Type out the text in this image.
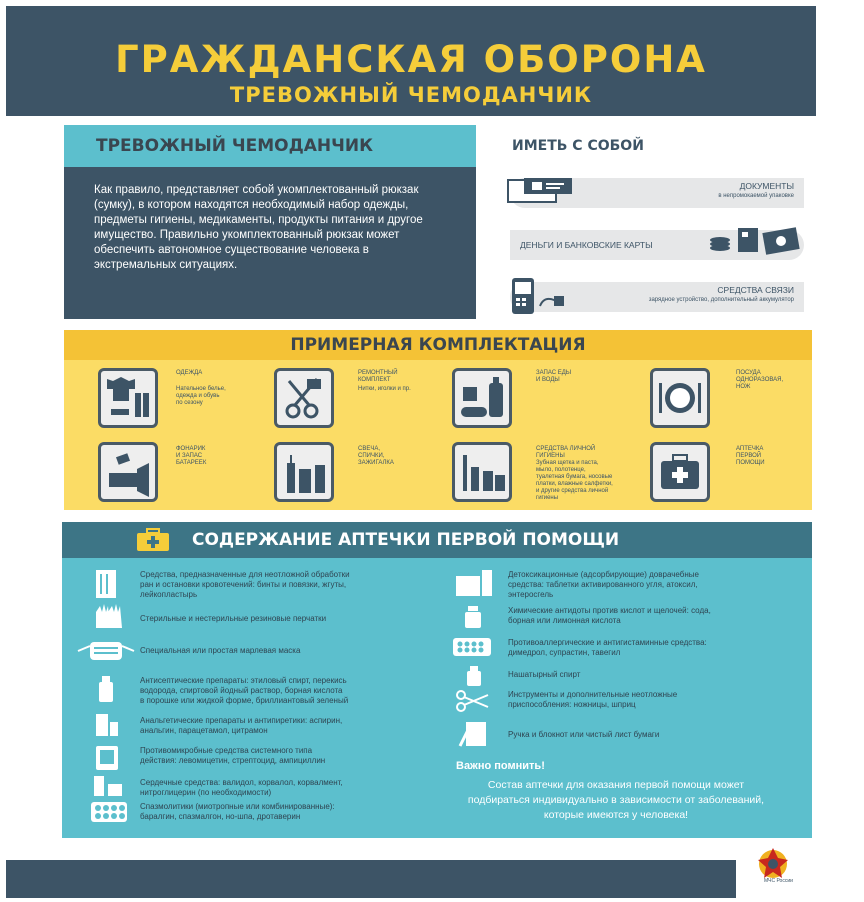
ГРАЖДАНСКАЯ ОБОРОНА
ТРЕВОЖНЫЙ ЧЕМОДАНЧИК
ТРЕВОЖНЫЙ ЧЕМОДАНЧИК
Как правило, представляет собой укомплектованный рюкзак (сумку), в котором находятся необходимый набор одежды, предметы гигиены, медикаменты, продукты питания и другое имущество. Правильно укомплектованный рюкзак может обеспечить автономное существование человека в экстремальных ситуациях.
ИМЕТЬ С СОБОЙ
ДОКУМЕНТЫ
в непромокаемой упаковке
ДЕНЬГИ И БАНКОВСКИЕ КАРТЫ
СРЕДСТВА СВЯЗИ
зарядное устройство, дополнительный аккумулятор
ПРИМЕРНАЯ КОМПЛЕКТАЦИЯ
ОДЕЖДА
Нательное белье,
одежда и обувь
по сезону
РЕМОНТНЫЙ
КОМПЛЕКТ
Нитки, иголки и пр.
ЗАПАС ЕДЫ
И ВОДЫ
ПОСУДА
ОДНОРАЗОВАЯ,
НОЖ
ФОНАРИК
И ЗАПАС
БАТАРЕЕК
СВЕЧА,
СПИЧКИ,
ЗАЖИГАЛКА
СРЕДСТВА ЛИЧНОЙ
ГИГИЕНЫ
Зубная щетка и паста,
мыло, полотенце,
туалетная бумага, носовые
платки, влажные салфетки,
и другие средства личной
гигиены
АПТЕЧКА
ПЕРВОЙ
ПОМОЩИ
СОДЕРЖАНИЕ АПТЕЧКИ ПЕРВОЙ ПОМОЩИ
Средства, предназначенные для неотложной обработки
ран и остановки кровотечений: бинты и повязки, жгуты,
лейкопластырь
Стерильные и нестерильные резиновые перчатки
Специальная или простая марлевая маска
Антисептические препараты: этиловый спирт, перекись
водорода, спиртовой йодный раствор, борная кислота
в порошке или жидкой форме, бриллиантовый зеленый
Анальгетические препараты и антипиретики: аспирин,
анальгин, парацетамол, цитрамон
Противомикробные средства системного типа
действия: левомицетин, стрептоцид, ампициллин
Сердечные средства: валидол, корвалол, корвалмент,
нитроглицерин (по необходимости)
Спазмолитики (миотропные или комбинированные):
баралгин, спазмалгон, но-шпа, дротаверин
Детоксикационные (адсорбирующие) доврачебные
средства: таблетки активированного угля, атоксил,
энтеросгель
Химические антидоты против кислот и щелочей: сода,
борная или лимонная кислота
Противоаллергические и антигистаминные средства:
димедрол, супрастин, тавегил
Нашатырный спирт
Инструменты и дополнительные неотложные
приспособления: ножницы, шприц
Ручка и блокнот или чистый лист бумаги
Важно помнить!
Состав аптечки для оказания первой помощи может подбираться индивидуально в зависимости от заболеваний, которые имеются у человека!
МЧС России
